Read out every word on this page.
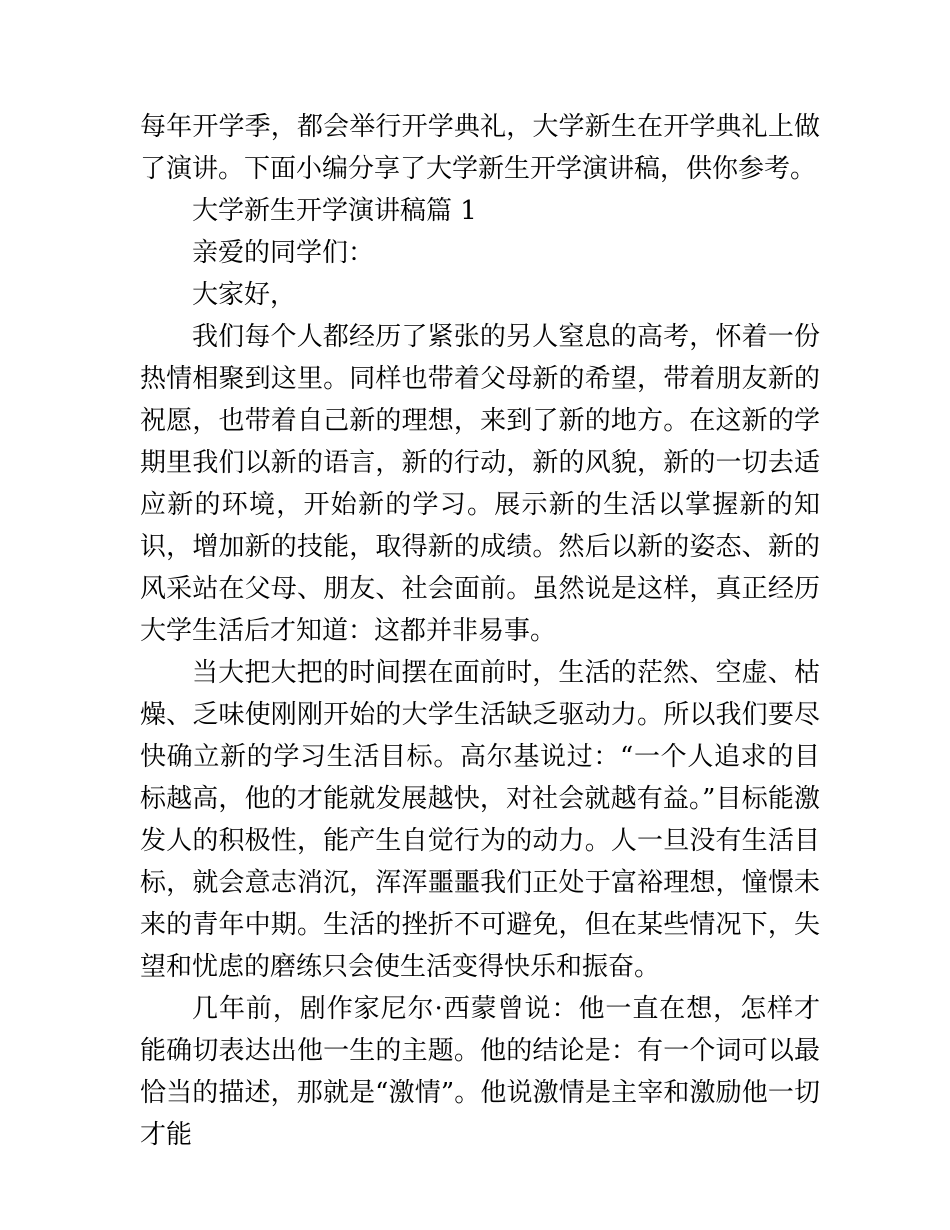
每年开学季，都会举行开学典礼，大学新生在开学典礼上做了演讲。下面小编分享了大学新生开学演讲稿，供你参考。

大学新生开学演讲稿篇 1

亲爱的同学们：

大家好，

我们每个人都经历了紧张的另人窒息的高考，怀着一份热情相聚到这里。同样也带着父母新的希望，带着朋友新的祝愿，也带着自己新的理想，来到了新的地方。在这新的学期里我们以新的语言，新的行动，新的风貌，新的一切去适应新的环境，开始新的学习。展示新的生活以掌握新的知识，增加新的技能，取得新的成绩。然后以新的姿态、新的风采站在父母、朋友、社会面前。虽然说是这样，真正经历大学生活后才知道：这都并非易事。

当大把大把的时间摆在面前时，生活的茫然、空虚、枯燥、乏味使刚刚开始的大学生活缺乏驱动力。所以我们要尽快确立新的学习生活目标。高尔基说过：“一个人追求的目标越高，他的才能就发展越快，对社会就越有益。”目标能激发人的积极性，能产生自觉行为的动力。人一旦没有生活目标，就会意志消沉，浑浑噩噩我们正处于富裕理想，憧憬未来的青年中期。生活的挫折不可避免，但在某些情况下，失望和忧虑的磨练只会使生活变得快乐和振奋。

几年前，剧作家尼尔·西蒙曾说：他一直在想，怎样才能确切表达出他一生的主题。他的结论是：有一个词可以最恰当的描述，那就是“激情”。他说激情是主宰和激励他一切才能
